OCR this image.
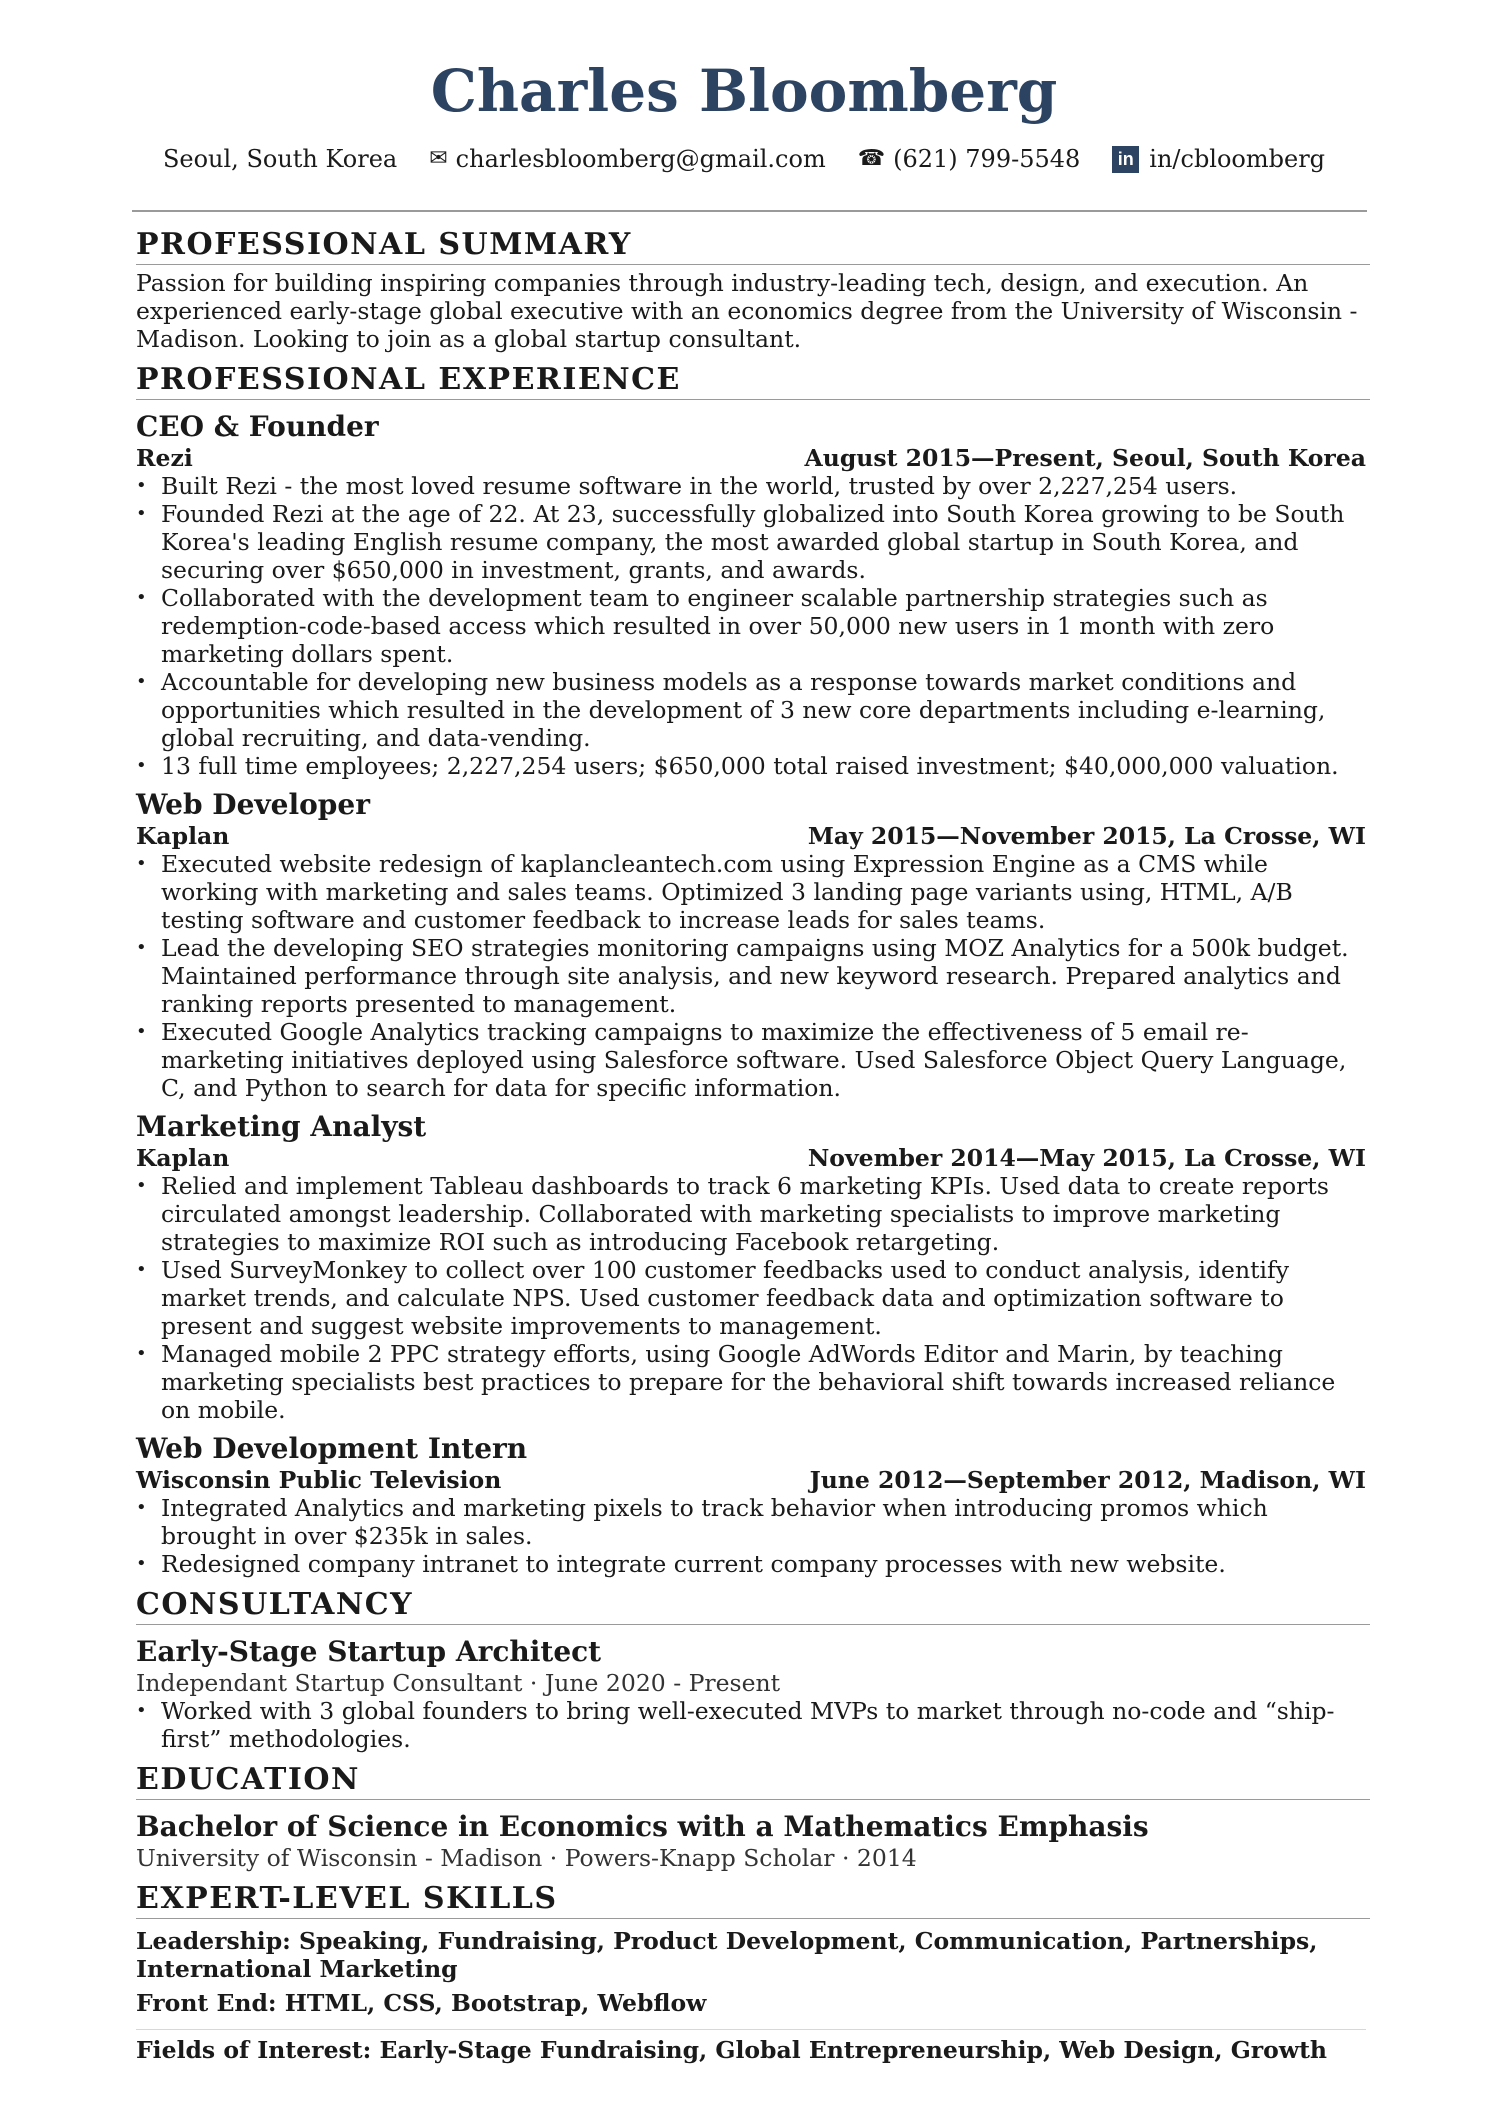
Charles Bloomberg
Seoul, South Korea ✉ charlesbloomberg@gmail.com ☎ (621) 799-5548	in in/cbloomberg
PROFESSIONAL SUMMARY
Passion for building inspiring companies through industry-leading tech, design, and execution. An experienced early-stage global executive with an economics degree from the University of Wisconsin - Madison. Looking to join as a global startup consultant.
PROFESSIONAL EXPERIENCE
CEO & Founder
Rezi	August 2015—Present, Seoul, South Korea
• Built Rezi - the most loved resume software in the world, trusted by over 2,227,254 users.
• Founded Rezi at the age of 22. At 23, successfully globalized into South Korea growing to be South Korea's leading English resume company, the most awarded global startup in South Korea, and securing over $650,000 in investment, grants, and awards.
• Collaborated with the development team to engineer scalable partnership strategies such as redemption-code-based access which resulted in over 50,000 new users in 1 month with zero marketing dollars spent.
• Accountable for developing new business models as a response towards market conditions and opportunities which resulted in the development of 3 new core departments including e-learning, global recruiting, and data-vending.
• 13 full time employees; 2,227,254 users; $650,000 total raised investment; $40,000,000 valuation.
Web Developer
Kaplan	May 2015—November 2015, La Crosse, WI
• Executed website redesign of kaplancleantech.com using Expression Engine as a CMS while working with marketing and sales teams. Optimized 3 landing page variants using, HTML, A/B testing software and customer feedback to increase leads for sales teams.
• Lead the developing SEO strategies monitoring campaigns using MOZ Analytics for a 500k budget. Maintained performance through site analysis, and new keyword research. Prepared analytics and ranking reports presented to management.
• Executed Google Analytics tracking campaigns to maximize the effectiveness of 5 email re-marketing initiatives deployed using Salesforce software. Used Salesforce Object Query Language, C, and Python to search for data for specific information.
Marketing Analyst
Kaplan	November 2014—May 2015, La Crosse, WI
• Relied and implement Tableau dashboards to track 6 marketing KPIs. Used data to create reports circulated amongst leadership. Collaborated with marketing specialists to improve marketing strategies to maximize ROI such as introducing Facebook retargeting.
• Used SurveyMonkey to collect over 100 customer feedbacks used to conduct analysis, identify market trends, and calculate NPS. Used customer feedback data and optimization software to present and suggest website improvements to management.
• Managed mobile 2 PPC strategy efforts, using Google AdWords Editor and Marin, by teaching marketing specialists best practices to prepare for the behavioral shift towards increased reliance on mobile.
Web Development Intern
Wisconsin Public Television	June 2012—September 2012, Madison, WI
• Integrated Analytics and marketing pixels to track behavior when introducing promos which brought in over $235k in sales.
• Redesigned company intranet to integrate current company processes with new website.
CONSULTANCY
Early-Stage Startup Architect
Independant Startup Consultant · June 2020 - Present
• Worked with 3 global founders to bring well-executed MVPs to market through no-code and “ship-first” methodologies.
EDUCATION
Bachelor of Science in Economics with a Mathematics Emphasis
University of Wisconsin - Madison · Powers-Knapp Scholar · 2014
EXPERT-LEVEL SKILLS
Leadership: Speaking, Fundraising, Product Development, Communication, Partnerships, International Marketing
Front End: HTML, CSS, Bootstrap, Webflow
Fields of Interest: Early-Stage Fundraising, Global Entrepreneurship, Web Design, Growth
